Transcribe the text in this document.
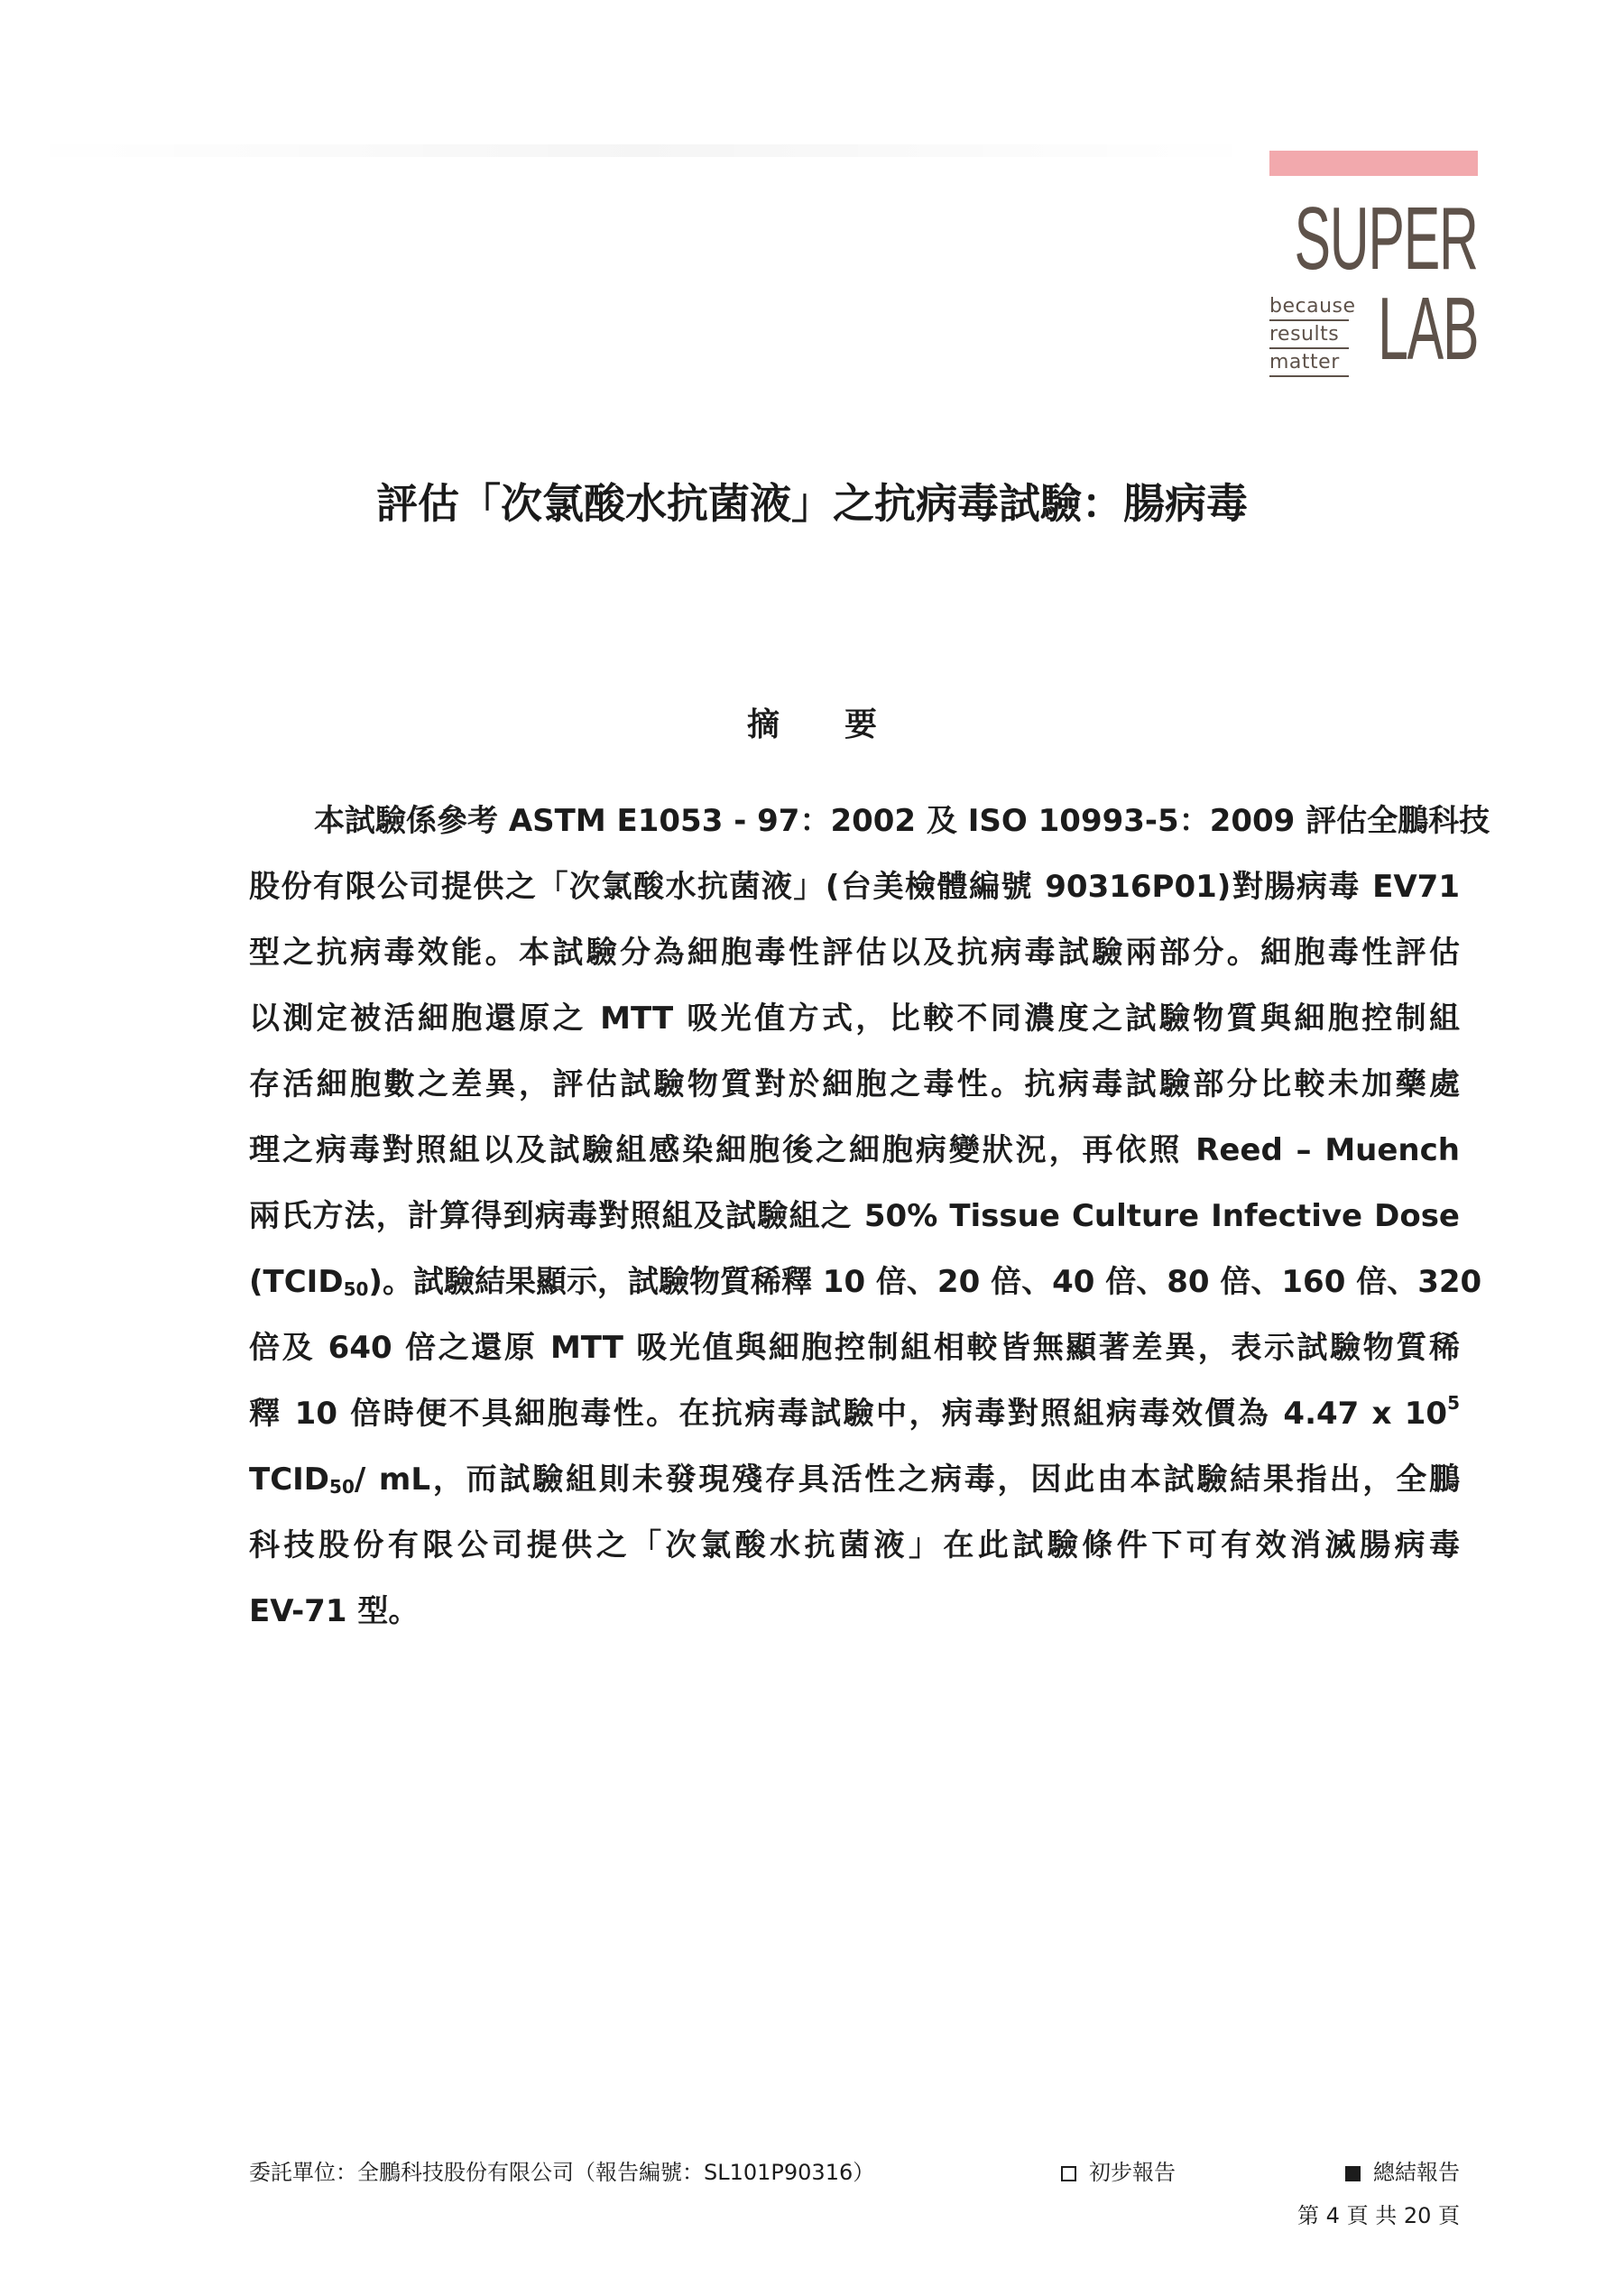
SUPER
LAB
because
results
matter
評估「次氯酸水抗菌液」之抗病毒試驗：腸病毒
摘要
本試驗係參考 ASTM E1053 - 97：2002 及 ISO 10993-5：2009 評估全鵬科技
股份有限公司提供之「次氯酸水抗菌液」(台美檢體編號 90316P01)對腸病毒 EV71
型之抗病毒效能。本試驗分為細胞毒性評估以及抗病毒試驗兩部分。細胞毒性評估
以測定被活細胞還原之 MTT 吸光值方式，比較不同濃度之試驗物質與細胞控制組
存活細胞數之差異，評估試驗物質對於細胞之毒性。抗病毒試驗部分比較未加藥處
理之病毒對照組以及試驗組感染細胞後之細胞病變狀況，再依照 Reed – Muench
兩氏方法，計算得到病毒對照組及試驗組之 50% Tissue Culture Infective Dose
$(TCID_{50})$。試驗結果顯示，試驗物質稀釋 10 倍、20 倍、40 倍、80 倍、160 倍、320
倍及 640 倍之還原 MTT 吸光值與細胞控制組相較皆無顯著差異，表示試驗物質稀
釋 10 倍時便不具細胞毒性。在抗病毒試驗中，病毒對照組病毒效價為 4.47 x $10^5$
$TCID_{50}/$ mL，而試驗組則未發現殘存具活性之病毒，因此由本試驗結果指出，全鵬
科技股份有限公司提供之「次氯酸水抗菌液」在此試驗條件下可有效消滅腸病毒
EV-71 型。
委託單位：全鵬科技股份有限公司（報告編號：SL101P90316）	初步報告	總結報告
第 4 頁 共 20 頁
